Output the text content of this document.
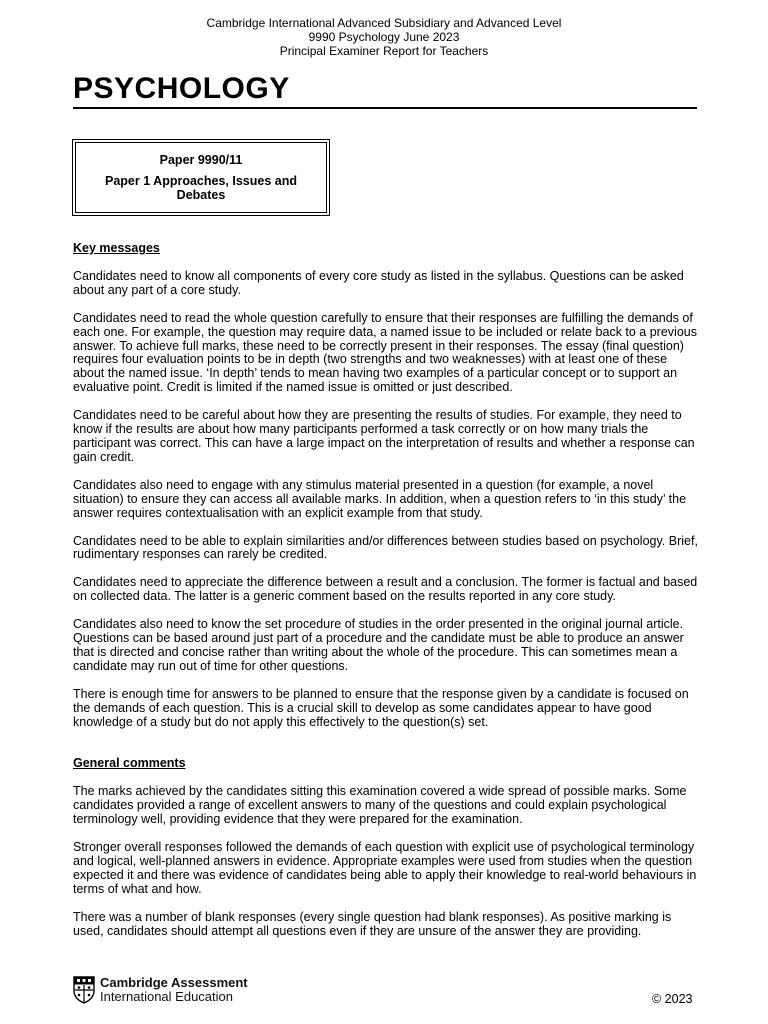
Cambridge International Advanced Subsidiary and Advanced Level
9990 Psychology June 2023
Principal Examiner Report for Teachers
PSYCHOLOGY
Paper 9990/11
Paper 1 Approaches, Issues and Debates
Key messages

Candidates need to know all components of every core study as listed in the syllabus. Questions can be asked about any part of a core study.

Candidates need to read the whole question carefully to ensure that their responses are fulfilling the demands of each one. For example, the question may require data, a named issue to be included or relate back to a previous answer. To achieve full marks, these need to be correctly present in their responses. The essay (final question) requires four evaluation points to be in depth (two strengths and two weaknesses) with at least one of these about the named issue. ‘In depth’ tends to mean having two examples of a particular concept or to support an evaluative point. Credit is limited if the named issue is omitted or just described.

Candidates need to be careful about how they are presenting the results of studies. For example, they need to know if the results are about how many participants performed a task correctly or on how many trials the participant was correct. This can have a large impact on the interpretation of results and whether a response can gain credit.

Candidates also need to engage with any stimulus material presented in a question (for example, a novel situation) to ensure they can access all available marks. In addition, when a question refers to ‘in this study’ the answer requires contextualisation with an explicit example from that study.

Candidates need to be able to explain similarities and/or differences between studies based on psychology. Brief, rudimentary responses can rarely be credited.

Candidates need to appreciate the difference between a result and a conclusion. The former is factual and based on collected data. The latter is a generic comment based on the results reported in any core study.

Candidates also need to know the set procedure of studies in the order presented in the original journal article. Questions can be based around just part of a procedure and the candidate must be able to produce an answer that is directed and concise rather than writing about the whole of the procedure. This can sometimes mean a candidate may run out of time for other questions.

There is enough time for answers to be planned to ensure that the response given by a candidate is focused on the demands of each question. This is a crucial skill to develop as some candidates appear to have good knowledge of a study but do not apply this effectively to the question(s) set.

General comments

The marks achieved by the candidates sitting this examination covered a wide spread of possible marks. Some candidates provided a range of excellent answers to many of the questions and could explain psychological terminology well, providing evidence that they were prepared for the examination.

Stronger overall responses followed the demands of each question with explicit use of psychological terminology and logical, well-planned answers in evidence. Appropriate examples were used from studies when the question expected it and there was evidence of candidates being able to apply their knowledge to real-world behaviours in terms of what and how.

There was a number of blank responses (every single question had blank responses). As positive marking is used, candidates should attempt all questions even if they are unsure of the answer they are providing.

Cambridge Assessment
International Education	© 2023
